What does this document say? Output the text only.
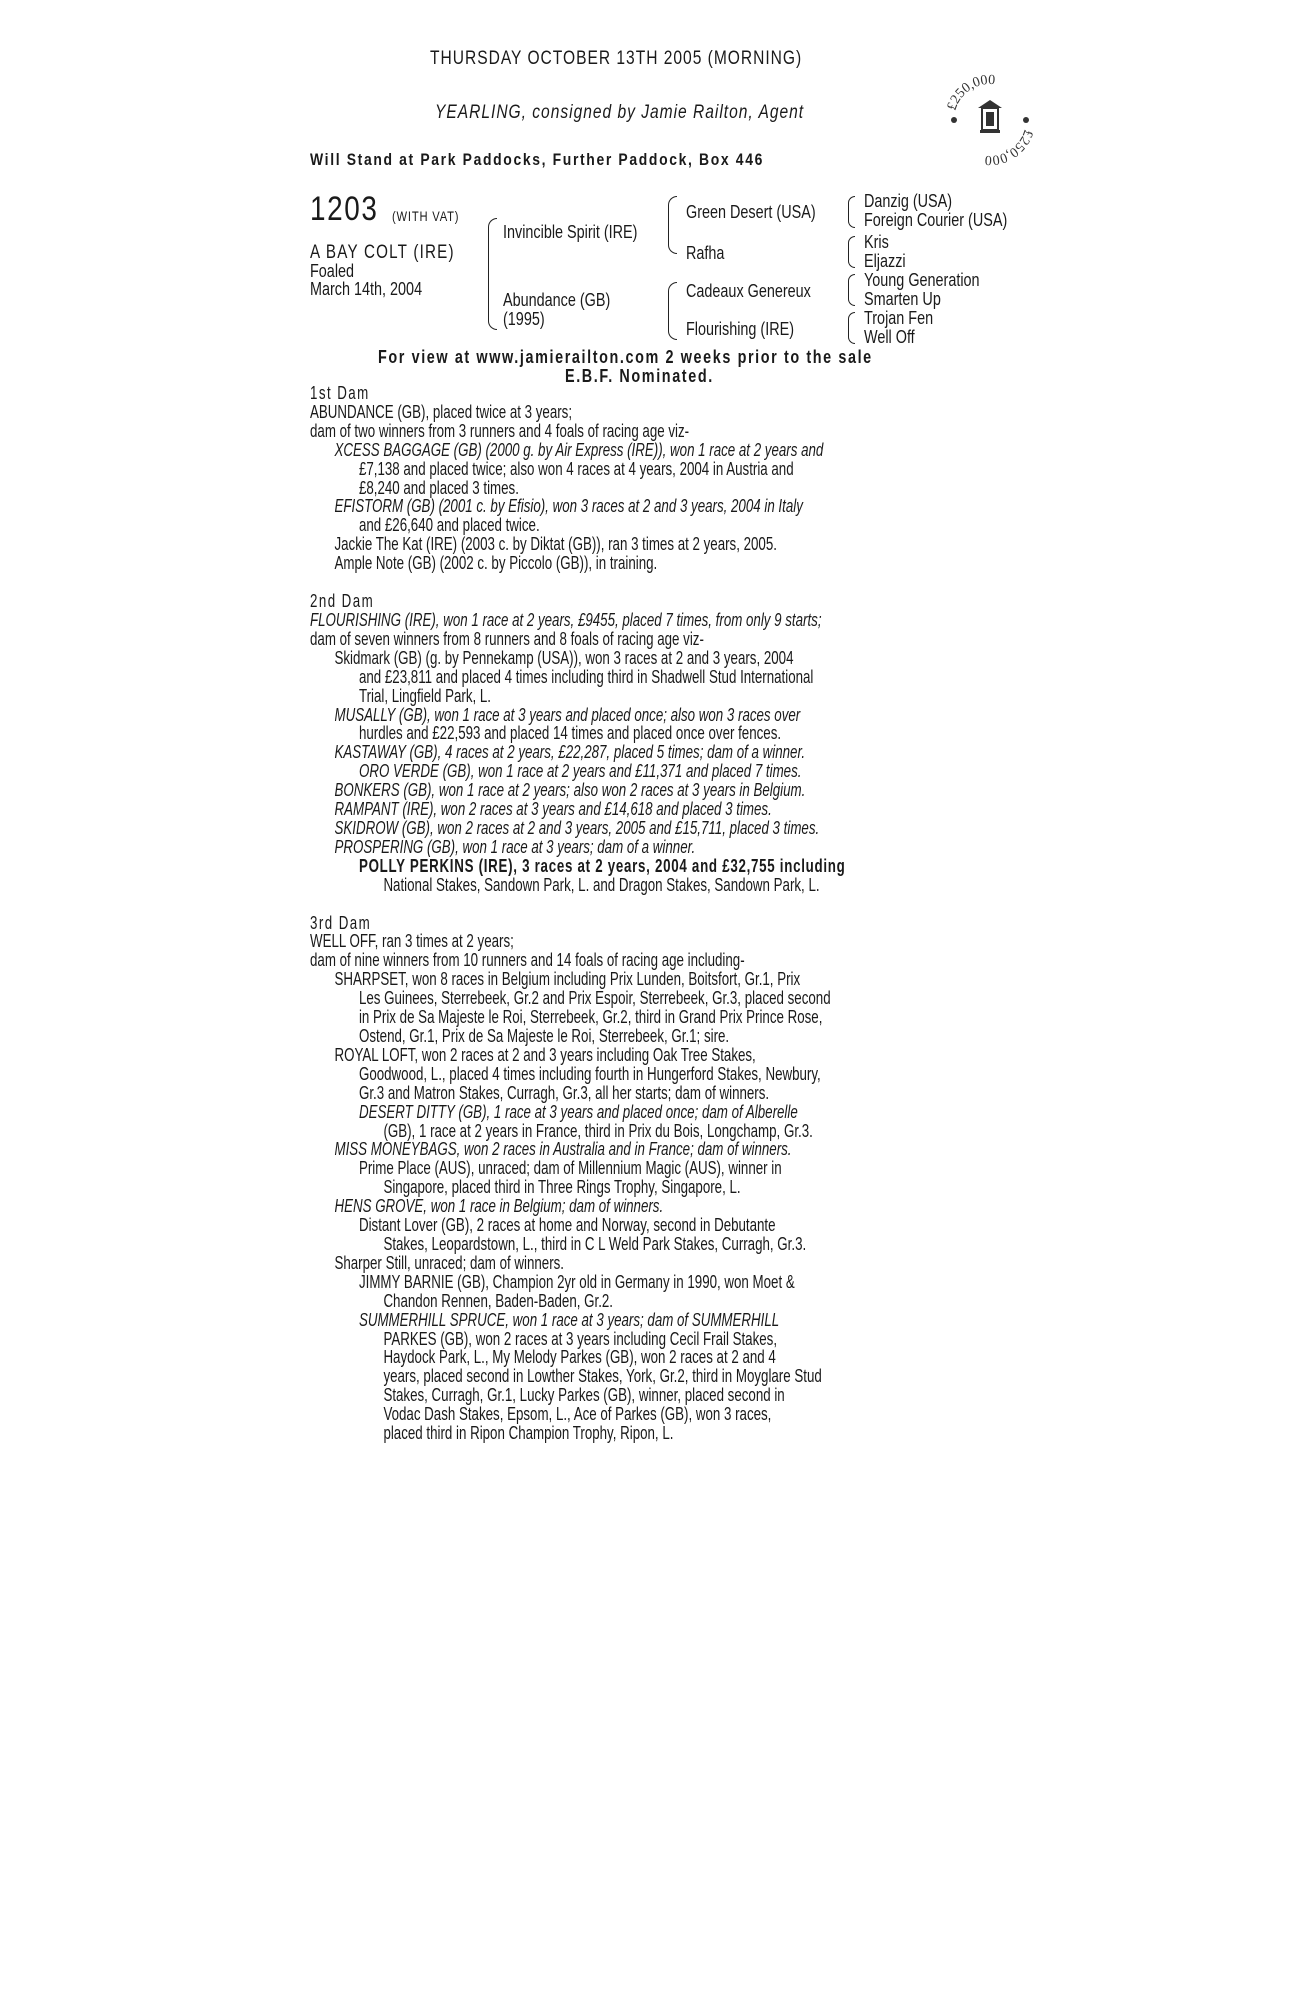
THURSDAY OCTOBER 13TH 2005 (MORNING)
YEARLING, consigned by Jamie Railton, Agent
Will Stand at Park Paddocks, Further Paddock, Box 446
£250,000
£250,000
1203 (WITH VAT)
A BAY COLT (IRE)
Foaled
March 14th, 2004
Invincible Spirit (IRE)
Abundance (GB)
(1995)
Green Desert (USA)
Rafha
Cadeaux Genereux
Flourishing (IRE)
Danzig (USA)
Foreign Courier (USA)
Kris
Eljazzi
Young Generation
Smarten Up
Trojan Fen
Well Off
For view at www.jamierailton.com 2 weeks prior to the sale
E.B.F. Nominated.

1st Dam

ABUNDANCE (GB), placed twice at 3 years;

dam of two winners from 3 runners and 4 foals of racing age viz-

XCESS BAGGAGE (GB) (2000 g. by Air Express (IRE)), won 1 race at 2 years and

£7,138 and placed twice; also won 4 races at 4 years, 2004 in Austria and

£8,240 and placed 3 times.

EFISTORM (GB) (2001 c. by Efisio), won 3 races at 2 and 3 years, 2004 in Italy

and £26,640 and placed twice.

Jackie The Kat (IRE) (2003 c. by Diktat (GB)), ran 3 times at 2 years, 2005.

Ample Note (GB) (2002 c. by Piccolo (GB)), in training.

2nd Dam

FLOURISHING (IRE), won 1 race at 2 years, £9455, placed 7 times, from only 9 starts;

dam of seven winners from 8 runners and 8 foals of racing age viz-

Skidmark (GB) (g. by Pennekamp (USA)), won 3 races at 2 and 3 years, 2004

and £23,811 and placed 4 times including third in Shadwell Stud International

Trial, Lingfield Park, L.

MUSALLY (GB), won 1 race at 3 years and placed once; also won 3 races over

hurdles and £22,593 and placed 14 times and placed once over fences.

KASTAWAY (GB), 4 races at 2 years, £22,287, placed 5 times; dam of a winner.

ORO VERDE (GB), won 1 race at 2 years and £11,371 and placed 7 times.

BONKERS (GB), won 1 race at 2 years; also won 2 races at 3 years in Belgium.

RAMPANT (IRE), won 2 races at 3 years and £14,618 and placed 3 times.

SKIDROW (GB), won 2 races at 2 and 3 years, 2005 and £15,711, placed 3 times.

PROSPERING (GB), won 1 race at 3 years; dam of a winner.

POLLY PERKINS (IRE), 3 races at 2 years, 2004 and £32,755 including

National Stakes, Sandown Park, L. and Dragon Stakes, Sandown Park, L.

3rd Dam

WELL OFF, ran 3 times at 2 years;

dam of nine winners from 10 runners and 14 foals of racing age including-

SHARPSET, won 8 races in Belgium including Prix Lunden, Boitsfort, Gr.1, Prix

Les Guinees, Sterrebeek, Gr.2 and Prix Espoir, Sterrebeek, Gr.3, placed second

in Prix de Sa Majeste le Roi, Sterrebeek, Gr.2, third in Grand Prix Prince Rose,

Ostend, Gr.1, Prix de Sa Majeste le Roi, Sterrebeek, Gr.1; sire.

ROYAL LOFT, won 2 races at 2 and 3 years including Oak Tree Stakes,

Goodwood, L., placed 4 times including fourth in Hungerford Stakes, Newbury,

Gr.3 and Matron Stakes, Curragh, Gr.3, all her starts; dam of winners.

DESERT DITTY (GB), 1 race at 3 years and placed once; dam of Alberelle

(GB), 1 race at 2 years in France, third in Prix du Bois, Longchamp, Gr.3.

MISS MONEYBAGS, won 2 races in Australia and in France; dam of winners.

Prime Place (AUS), unraced; dam of Millennium Magic (AUS), winner in

Singapore, placed third in Three Rings Trophy, Singapore, L.

HENS GROVE, won 1 race in Belgium; dam of winners.

Distant Lover (GB), 2 races at home and Norway, second in Debutante

Stakes, Leopardstown, L., third in C L Weld Park Stakes, Curragh, Gr.3.

Sharper Still, unraced; dam of winners.

JIMMY BARNIE (GB), Champion 2yr old in Germany in 1990, won Moet &

Chandon Rennen, Baden-Baden, Gr.2.

SUMMERHILL SPRUCE, won 1 race at 3 years; dam of SUMMERHILL

PARKES (GB), won 2 races at 3 years including Cecil Frail Stakes,

Haydock Park, L., My Melody Parkes (GB), won 2 races at 2 and 4

years, placed second in Lowther Stakes, York, Gr.2, third in Moyglare Stud

Stakes, Curragh, Gr.1, Lucky Parkes (GB), winner, placed second in

Vodac Dash Stakes, Epsom, L., Ace of Parkes (GB), won 3 races,

placed third in Ripon Champion Trophy, Ripon, L.
